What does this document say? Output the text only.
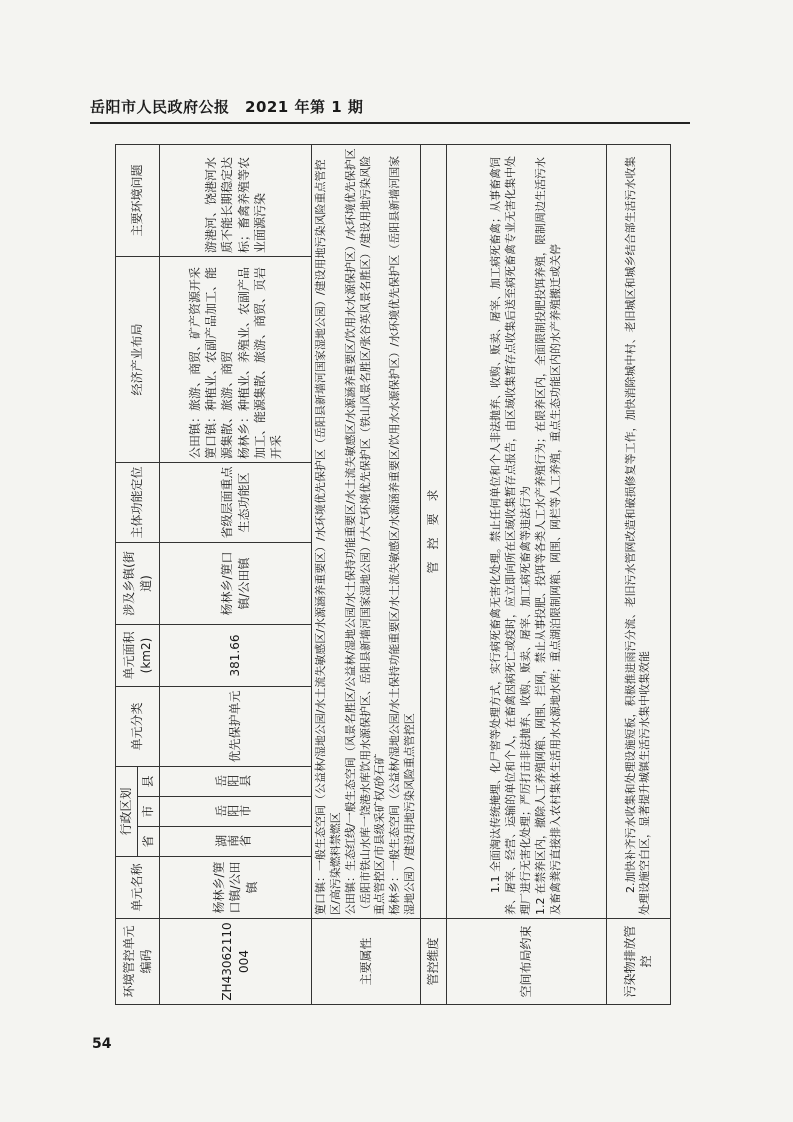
岳阳市人民政府公报　2021 年第 1 期
环境管控单元编码	单元名称	行政区划			单元分类	单元面积(km2)	涉及乡镇(街道)	主体功能定位	经济产业布局	主要环境问题
		省	市	县						
ZH43062110004	杨林乡/筻口镇/公田镇	湖南省	岳阳市	岳阳县	优先保护单元	381.66	杨林乡/筻口镇/公田镇	省级层面重点生态功能区	公田镇：旅游、商贸、矿产资源开采
筻口镇：种植业、农副产品加工、能源集散、旅游、商贸
杨林乡：种植业、养殖业、农副产品加工、能源集散、旅游、商贸、页岩开采	游港河、饶港河水质不能长期稳定达标；畜禽养殖等农业面源污染
主要属性	筻口镇：一般生态空间（公益林/湿地公园/水土流失敏感区/水源涵养重要区）/水环境优先保护区（岳阳县新墙河国家湿地公园）/建设用地污染风险重点管控区/高污染燃料禁燃区
公田镇：生态红线/一般生态空间（风景名胜区/公益林/湿地公园/水土保持功能重要区/水土流失敏感区/水源涵养重要区/饮用水水源保护区）/水环境优先保护区（岳阳市铁山水库一饶港水库饮用水源保护区、岳阳县新墙河国家湿地公园）/大气环境优先保护区（铁山风景名胜区/张谷英风景名胜区）/建设用地污染风险重点管控区/市县级采矿权/砂石矿
杨林乡：一般生态空间（公益林/湿地公园/水土保持功能重要区/水土流失敏感区/水源涵养重要区/饮用水水源保护区）/水环境优先保护区（岳阳县新墙河国家湿地公园）/建设用地污染风险重点管控区									
管控维度	管　控　要　求									
空间布局约束	1.1 全面淘汰传统掩埋、化尸窖等处理方式，实行病死畜禽无害化处理。禁止任何单位和个人非法抛弃、收购、贩卖、屠宰、加工病死畜禽；从事畜禽饲养、屠宰、经营、运输的单位和个人，在畜禽因病死亡或疫时，应立即向所在区域收集暂存点报告，由区域收集暂存点收集后送至病死畜禽专业无害化集中处理厂进行无害化处理；严厉打击非法抛弃、收购、贩卖、屠宰、加工病死畜禽等违法行为
1.2 在禁养区内，撤除人工养殖网箱、网围、拦网，禁止从事投肥、投饵等各类人工水产养殖行为；在限养区内，全面限制投肥投饵养殖，限制周边生活污水及畜禽粪污直接排入农村集体生活用水水源地水库；重点湖泊限制网箱、网围、网栏等人工养殖，重点生态功能区内的水产养殖搬迁或关停									
污染物排放管控	2.加快补齐污水收集和处理设施短板，积极推进雨污分流、老旧污水管网改造和破损修复等工作，加快消除城中村、老旧城区和城乡结合部生活污水收集处理设施空白区，显著提升城镇生活污水集中收集效能									
54
